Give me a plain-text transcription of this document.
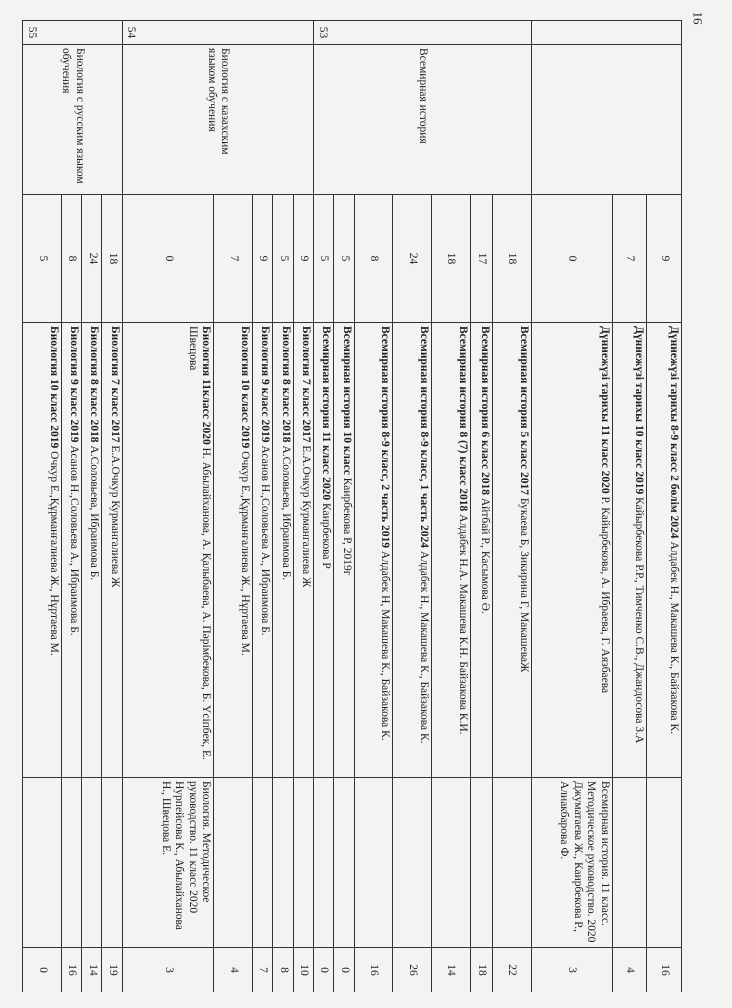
16
		9	Дүниежүзі тарихы 8-9 класс 2 бөлім 2024 Алдабек Н., Макашева К., Байзакова К.		16
		7	Дүниежүзі тарихы 10 класс 2019 Кайырбекова Р.Р., Тимченко С.В., Джандосова З.А		4
		0	Дүниежүзі тарихы 11 класс 2020 Р. Кайырбекова, А. Ибраева, Г. Аязбаева	Всемирная история. 11 класс. Методическое руководство. 2020 Джуматаева Ж., Каирбекова Р., Алиакбарова Ф.	3
53	Всемирная история	18	Всемирная история 5 класс 2017 Букаева Б, Зикирина Г, МакашеваЖ		22
		17	Всемирная история 6 класс 2018 Айтбай Р., Касымова Ә.		18
		18	Всемирная история 8 (7) класс 2018 Алдабек Н.А. Макашева К.Н. Байзакова К.И.		14
		24	Всемирная история 8-9 класс, 1 часть 2024 Алдабек Н., Макашева К., Байзакова К.		26
		8	Всемирная история 8-9 класс, 2 часть 2019 Алдабек Н, Макашева К., Байзакова К.		16
		5	Всемирная история 10 класс Каирбекова Р, 2019г		0
		5	Всемирная история 11 класс 2020 Каирбекова Р		0
54	Биология с казахским языком обучения	9	Биология 7 класс 2017 Е.А.Очкур Курмангалиева Ж		10
		5	Биология 8 класс 2018 А.Соловьева, Ибраимова Б.		8
		9	Биология 9 класс 2019 Асанов Н.,Соловьева А., Ибраимова Б.		7
		7	Биология 10 класс 2019 Очкур Е.,Құрманғалиева Ж., Нұртаева М.		4
		0	Биология 11класс 2020 Н. Абылайханова, А. Қалыбаева, А. Пәрімбекова, Б. Үсіпбек, Е. Швецова	Биология. Методическое руководство. 11 класс 2020 Нурпейсова К., Абылайханова Н., Швецова Е.	3
55	Биология с русским языком обучения	18	Биология 7 класс 2017 Е.А.Очкур Курмангалиева Ж		19
		24	Биология 8 класс 2018 А.Соловьева, Ибраимова Б.		14
		8	Биология 9 класс 2019 Асанов Н.,Соловьева А., Ибраимова Б.		16
		5	Биология 10 класс 2019 Очкур Е.,Құрманғалиева Ж., Нұртаева М.		0
